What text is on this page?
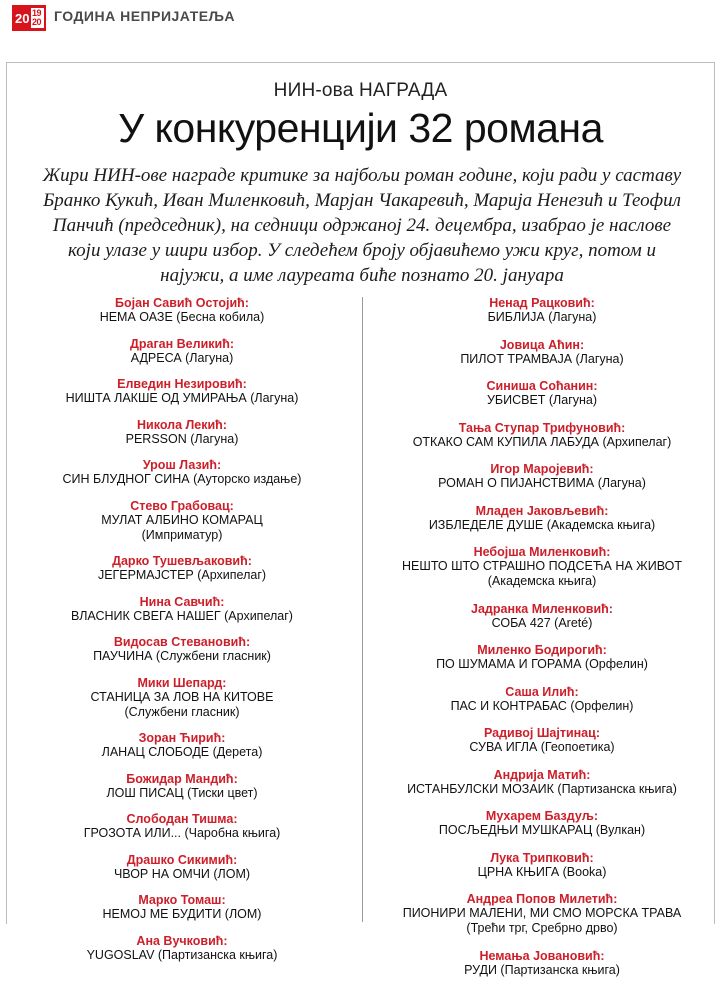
20 19
20 ГОДИНА НЕПРИЈАТЕЉА
НИН-ова НАГРАДА
У конкуренцији 32 романа

Жири НИН-ове награде критике за најбољи роман године, који ради у саставу Бранко Кукић, Иван Миленковић, Марјан Чакаревић, Марија Ненезић и Теофил Панчић (председник), на седници одржаној 24. децембра, изабрао је наслове који улазе у шири избор. У следећем броју објавићемо ужи круг, потом и најужи, а име лауреата биће познато 20. јануара

Бојан Савић Остојић:
НЕМА ОАЗЕ (Бесна кобила)
Драган Великић:
АДРЕСА (Лагуна)
Елведин Незировић:
НИШТА ЛАКШЕ ОД УМИРАЊА (Лагуна)
Никола Лекић:
PERSSON (Лагуна)
Урош Лазић:
СИН БЛУДНОГ СИНА (Ауторско издање)
Стево Грабовац:
МУЛАТ АЛБИНО КОМАРАЦ
(Имприматур)
Дарко Тушевљаковић:
ЈЕГЕРМАЈСТЕР (Архипелаг)
Нина Савчић:
ВЛАСНИК СВЕГА НАШЕГ (Архипелаг)
Видосав Стевановић:
ПАУЧИНА (Службени гласник)
Мики Шепард:
СТАНИЦА ЗА ЛОВ НА КИТОВЕ
(Службени гласник)
Зоран Ћирић:
ЛАНАЦ СЛОБОДЕ (Дерета)
Божидар Мандић:
ЛОШ ПИСАЦ (Тиски цвет)
Слободан Тишма:
ГРОЗОТА ИЛИ... (Чаробна књига)
Драшко Сикимић:
ЧВОР НА ОМЧИ (ЛОМ)
Марко Томаш:
НЕМОЈ МЕ БУДИТИ (ЛОМ)
Ана Вучковић:
YUGOSLAV (Партизанска књига)
Ненад Рацковић:
БИБЛИЈА (Лагуна)
Јовица Аћин:
ПИЛОТ ТРАМВАЈА (Лагуна)
Синиша Соћанин:
УБИСВЕТ (Лагуна)
Тања Ступар Трифуновић:
ОТКАКО САМ КУПИЛА ЛАБУДА (Архипелаг)
Игор Маројевић:
РОМАН О ПИЈАНСТВИМА (Лагуна)
Младен Јаковљевић:
ИЗБЛЕДЕЛЕ ДУШЕ (Академска књига)
Небојша Миленковић:
НЕШТО ШТО СТРАШНО ПОДСЕЋА НА ЖИВОТ
(Академска књига)
Јадранка Миленковић:
СОБА 427 (Areté)
Миленко Бодирогић:
ПО ШУМАМА И ГОРАМА (Орфелин)
Саша Илић:
ПАС И КОНТРАБАС (Орфелин)
Радивој Шајтинац:
СУВА ИГЛА (Геопоетика)
Андрија Матић:
ИСТАНБУЛСКИ МОЗАИК (Партизанска књига)
Мухарем Баздуљ:
ПОСЉЕДЊИ МУШКАРАЦ (Вулкан)
Лука Трипковић:
ЦРНА КЊИГА (Booka)
Андреа Попов Милетић:
ПИОНИРИ МАЛЕНИ, МИ СМО МОРСКА ТРАВА
(Трећи трг, Сребрно дрво)
Немања Јовановић:
РУДИ (Партизанска књига)
